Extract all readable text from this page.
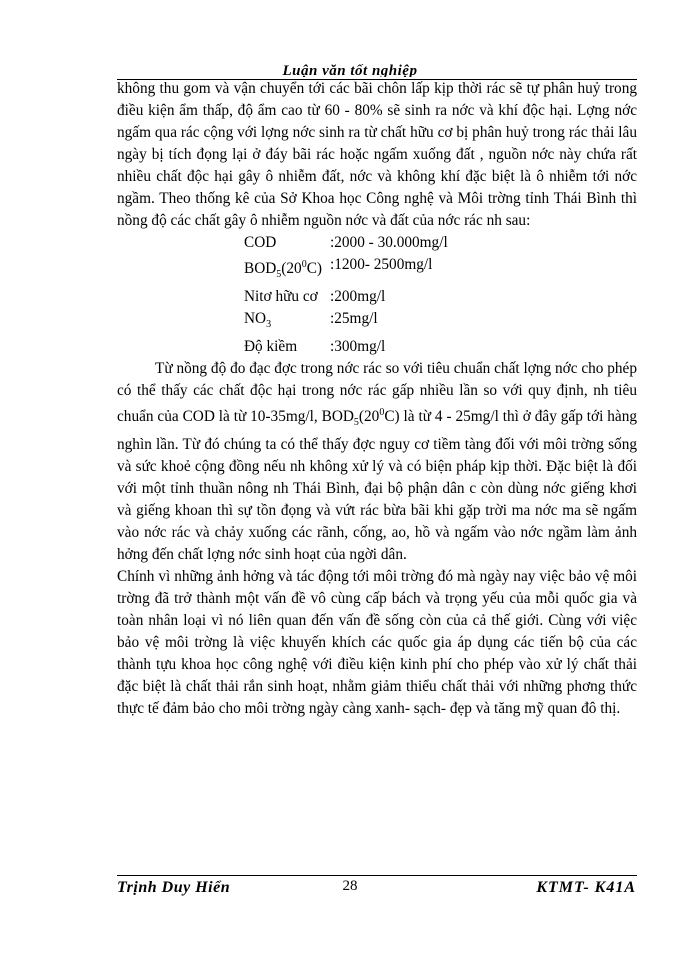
Luận văn tốt nghiệp

không thu gom và vận chuyển tới các bãi chôn lấp kịp thời rác sẽ tự phân huỷ trong điều kiện ẩm thấp, độ ẩm cao từ 60 - 80% sẽ sinh ra nớc và khí độc hại. Lợng nớc ngấm qua rác cộng với lợng nớc sinh ra từ chất hữu cơ bị phân huỷ trong rác thải lâu ngày bị tích đọng lại ở đáy bãi rác hoặc ngấm xuống đất , nguồn nớc này chứa rất nhiều chất độc hại gây ô nhiễm đất, nớc và không khí đặc biệt là ô nhiễm tới nớc ngầm. Theo thống kê của Sở Khoa học Công nghệ và Môi trờng tỉnh Thái Bình thì nồng độ các chất gây ô nhiễm nguồn nớc và đất của nớc rác nh sau:

COD	:2000 - 30.000mg/l
$BOD_5(20^0C)$ :1200- 2500mg/l
Nitơ hữu cơ :200mg/l
$NO_3$	:25mg/l
Độ kiềm	:300mg/l

Từ nồng độ đo đạc đợc trong nớc rác so với tiêu chuẩn chất lợng nớc cho phép có thể thấy các chất độc hại trong nớc rác gấp nhiều lần so với quy định, nh tiêu chuẩn của COD là từ 10-35mg/l, $BOD_5(20^0C)$ là từ 4 - 25mg/l thì ở đây gấp tới hàng nghìn lần. Từ đó chúng ta có thể thấy đợc nguy cơ tiềm tàng đối với môi trờng sống và sức khoẻ cộng đồng nếu nh không xử lý và có biện pháp kịp thời. Đặc biệt là đối với một tỉnh thuần nông nh Thái Bình, đại bộ phận dân c còn dùng nớc giếng khơi và giếng khoan thì sự tồn đọng và vứt rác bừa bãi khi gặp trời ma nớc ma sẽ ngấm vào nớc rác và chảy xuống các rãnh, cống, ao, hồ và ngấm vào nớc ngầm làm ảnh hởng đến chất lợng nớc sinh hoạt của ngời dân.

Chính vì những ảnh hởng và tác động tới môi trờng đó mà ngày nay việc bảo vệ môi trờng đã trở thành một vấn đề vô cùng cấp bách và trọng yếu của mỗi quốc gia và toàn nhân loại vì nó liên quan đến vấn đề sống còn của cả thế giới. Cùng với việc bảo vệ môi trờng là việc khuyến khích các quốc gia áp dụng các tiến bộ của các thành tựu khoa học công nghệ với điều kiện kinh phí cho phép vào xử lý chất thải đặc biệt là chất thải rắn sinh hoạt, nhằm giảm thiểu chất thải với những phơng thức thực tế đảm bảo cho môi trờng ngày càng xanh- sạch- đẹp và tăng mỹ quan đô thị.

Trịnh Duy Hiển	28	KTMT- K41A
